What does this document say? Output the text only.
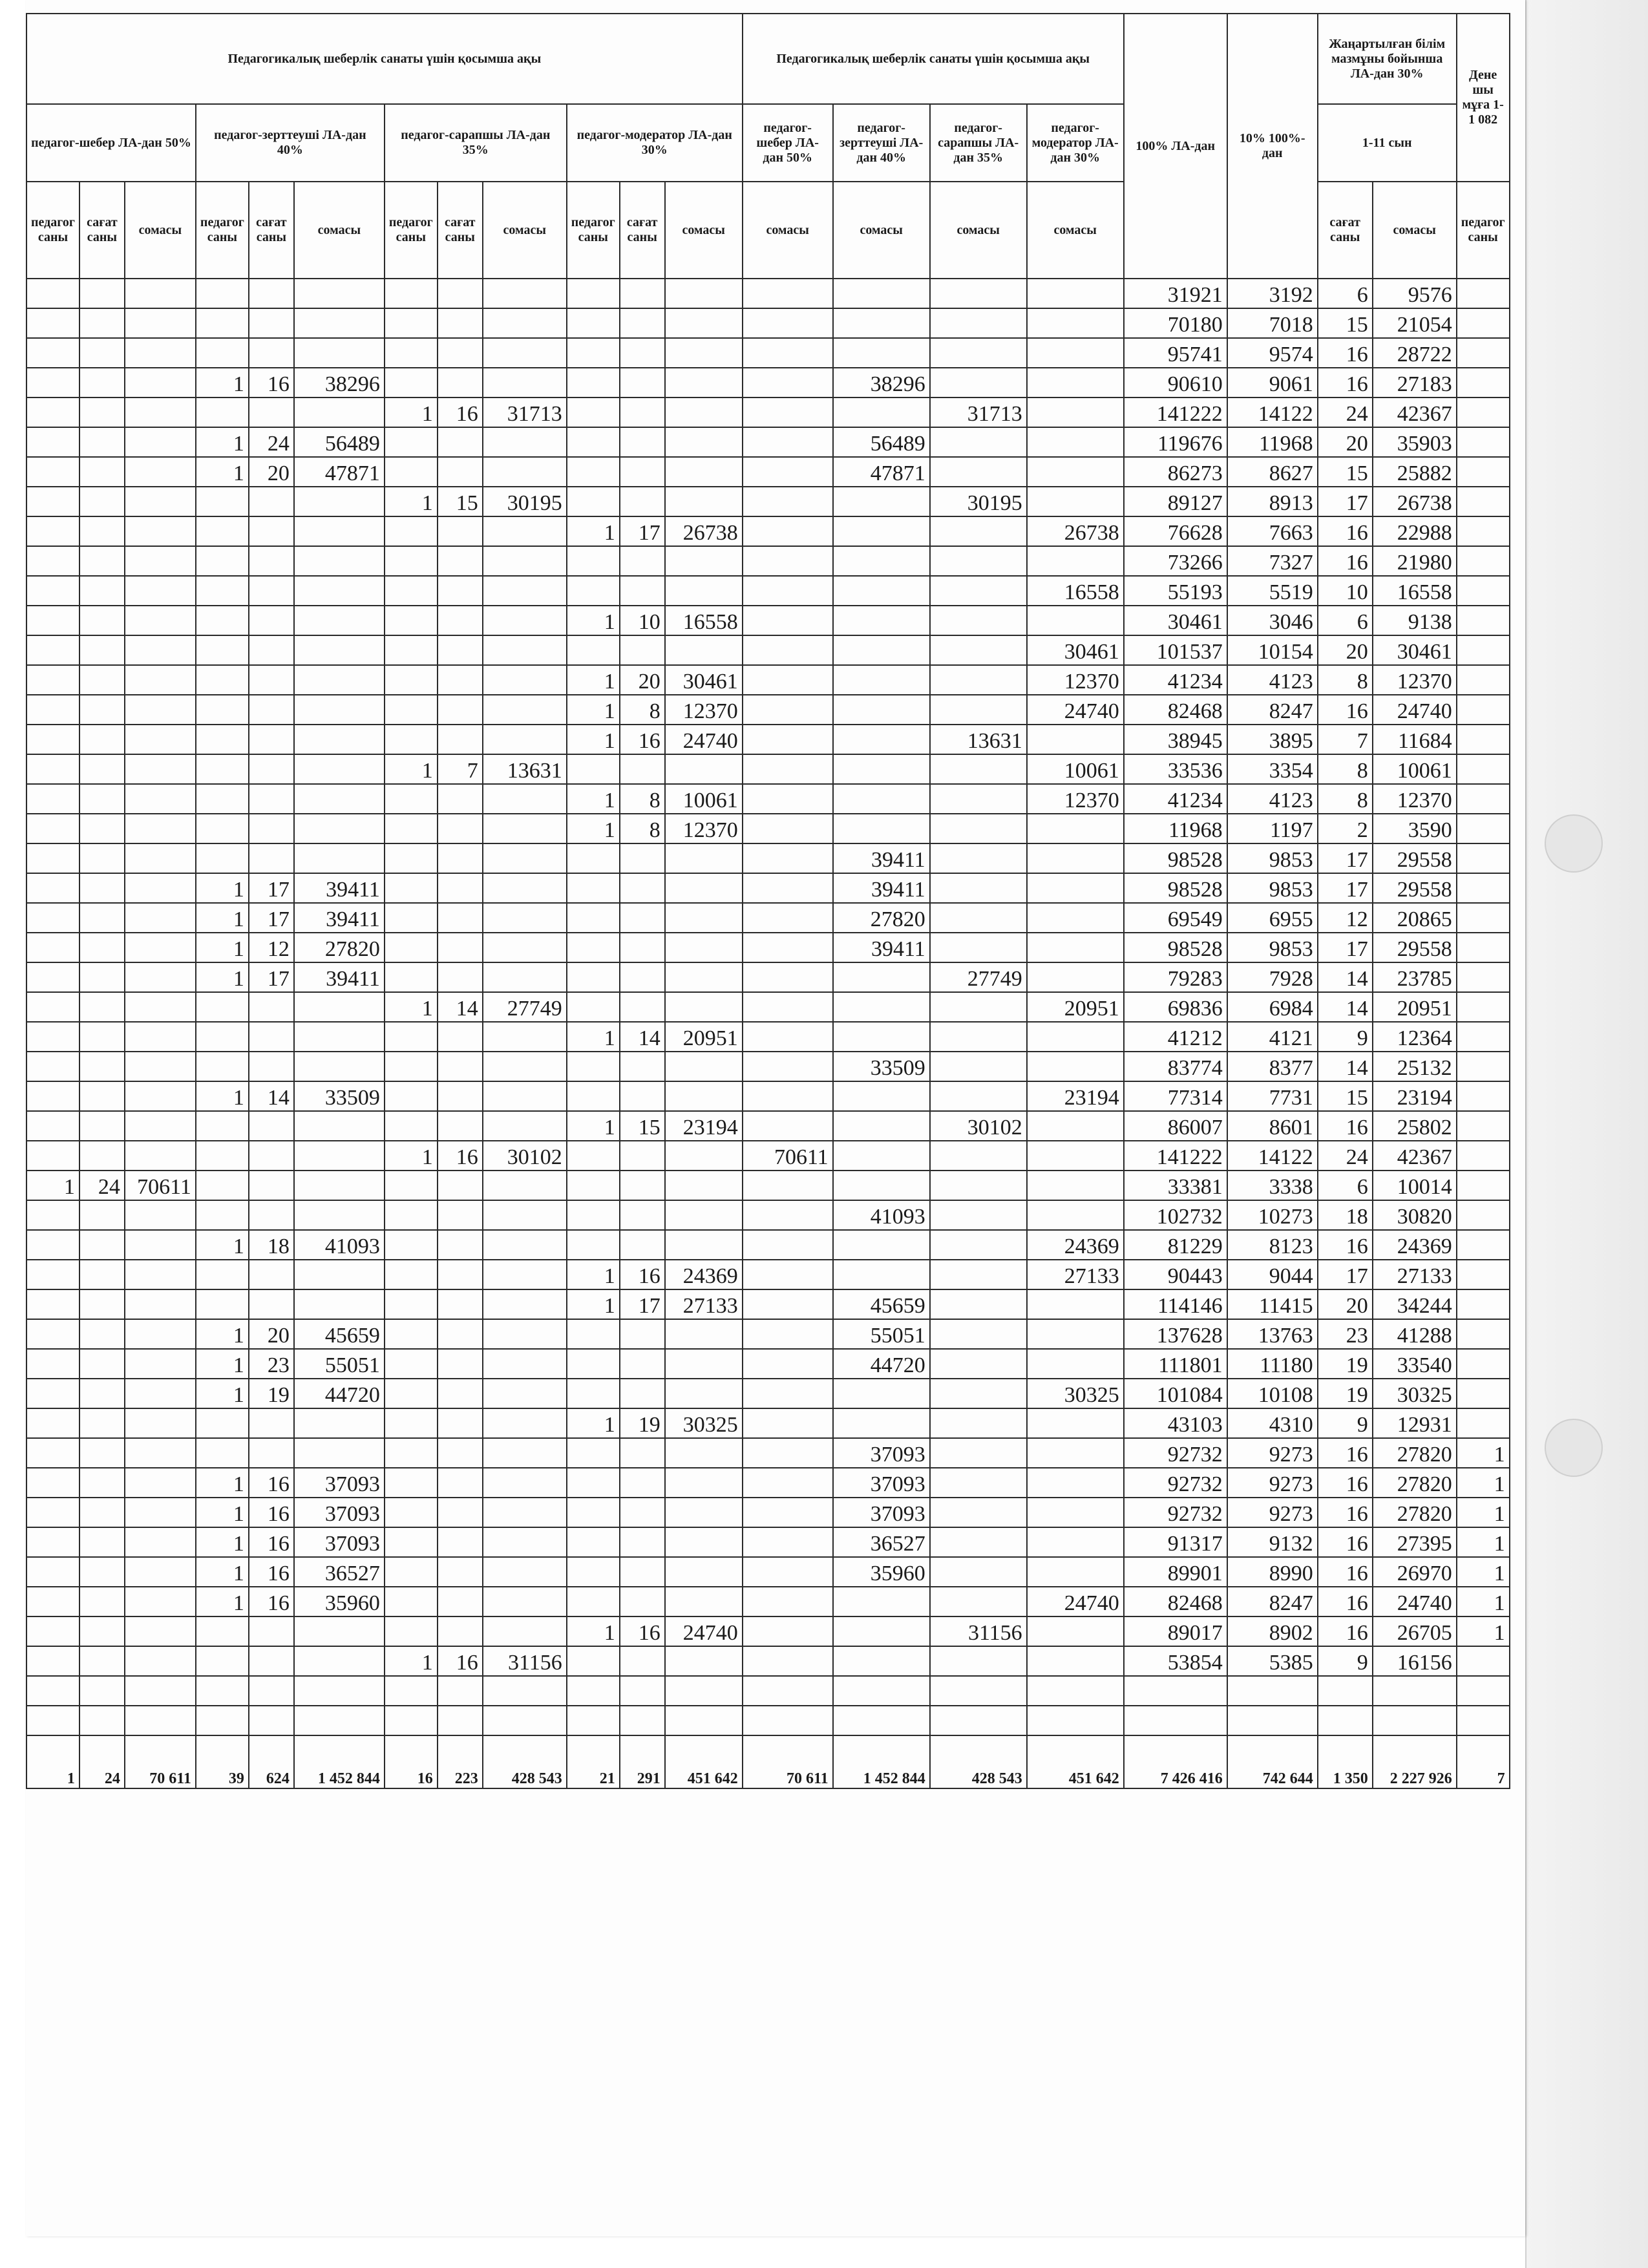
Педагогикалық шеберлік санаты үшін қосымша ақы												Педагогикалық шеберлік санаты үшін қосымша ақы				100% ЛА-дан	10% 100%-дан	Жаңартылған білім мазмұны бойынша ЛА-дан 30%		Дене шы мұға 1-1 082
педагог-шебер ЛА-дан 50%			педагог-зерттеуші ЛА-дан 40%			педагог-сарапшы ЛА-дан 35%			педагог-модератор ЛА-дан 30%			педагог-шебер ЛА-дан 50%	педагог-зерттеуші ЛА-дан 40%	педагог-сарапшы ЛА-дан 35%	педагог-модератор ЛА-дан 30%			1-11 сын		
педагог саны	сағат саны	сомасы	педагог саны	сағат саны	сомасы	педагог саны	сағат саны	сомасы	педагог саны	сағат саны	сомасы	сомасы	сомасы	сомасы	сомасы			сағат саны	сомасы	педагог саны
																31921	3192	6	9576	
																70180	7018	15	21054	
																95741	9574	16	28722	
			1	16	38296								38296			90610	9061	16	27183	
						1	16	31713						31713		141222	14122	24	42367	
			1	24	56489								56489			119676	11968	20	35903	
			1	20	47871								47871			86273	8627	15	25882	
						1	15	30195						30195		89127	8913	17	26738	
									1	17	26738				26738	76628	7663	16	22988	
																73266	7327	16	21980	
															16558	55193	5519	10	16558	
									1	10	16558					30461	3046	6	9138	
															30461	101537	10154	20	30461	
									1	20	30461				12370	41234	4123	8	12370	
									1	8	12370				24740	82468	8247	16	24740	
									1	16	24740			13631		38945	3895	7	11684	
						1	7	13631							10061	33536	3354	8	10061	
									1	8	10061				12370	41234	4123	8	12370	
									1	8	12370					11968	1197	2	3590	
													39411			98528	9853	17	29558	
			1	17	39411								39411			98528	9853	17	29558	
			1	17	39411								27820			69549	6955	12	20865	
			1	12	27820								39411			98528	9853	17	29558	
			1	17	39411									27749		79283	7928	14	23785	
						1	14	27749							20951	69836	6984	14	20951	
									1	14	20951					41212	4121	9	12364	
													33509			83774	8377	14	25132	
			1	14	33509										23194	77314	7731	15	23194	
									1	15	23194			30102		86007	8601	16	25802	
						1	16	30102				70611				141222	14122	24	42367	
1	24	70611														33381	3338	6	10014	
													41093			102732	10273	18	30820	
			1	18	41093										24369	81229	8123	16	24369	
									1	16	24369				27133	90443	9044	17	27133	
									1	17	27133		45659			114146	11415	20	34244	
			1	20	45659								55051			137628	13763	23	41288	
			1	23	55051								44720			111801	11180	19	33540	
			1	19	44720										30325	101084	10108	19	30325	
									1	19	30325					43103	4310	9	12931	
													37093			92732	9273	16	27820	1
			1	16	37093								37093			92732	9273	16	27820	1
			1	16	37093								37093			92732	9273	16	27820	1
			1	16	37093								36527			91317	9132	16	27395	1
			1	16	36527								35960			89901	8990	16	26970	1
			1	16	35960										24740	82468	8247	16	24740	1
									1	16	24740			31156		89017	8902	16	26705	1
						1	16	31156								53854	5385	9	16156	

1	24	70 611	39	624	1 452 844	16	223	428 543	21	291	451 642	70 611	1 452 844	428 543	451 642	7 426 416	742 644	1 350	2 227 926	7
